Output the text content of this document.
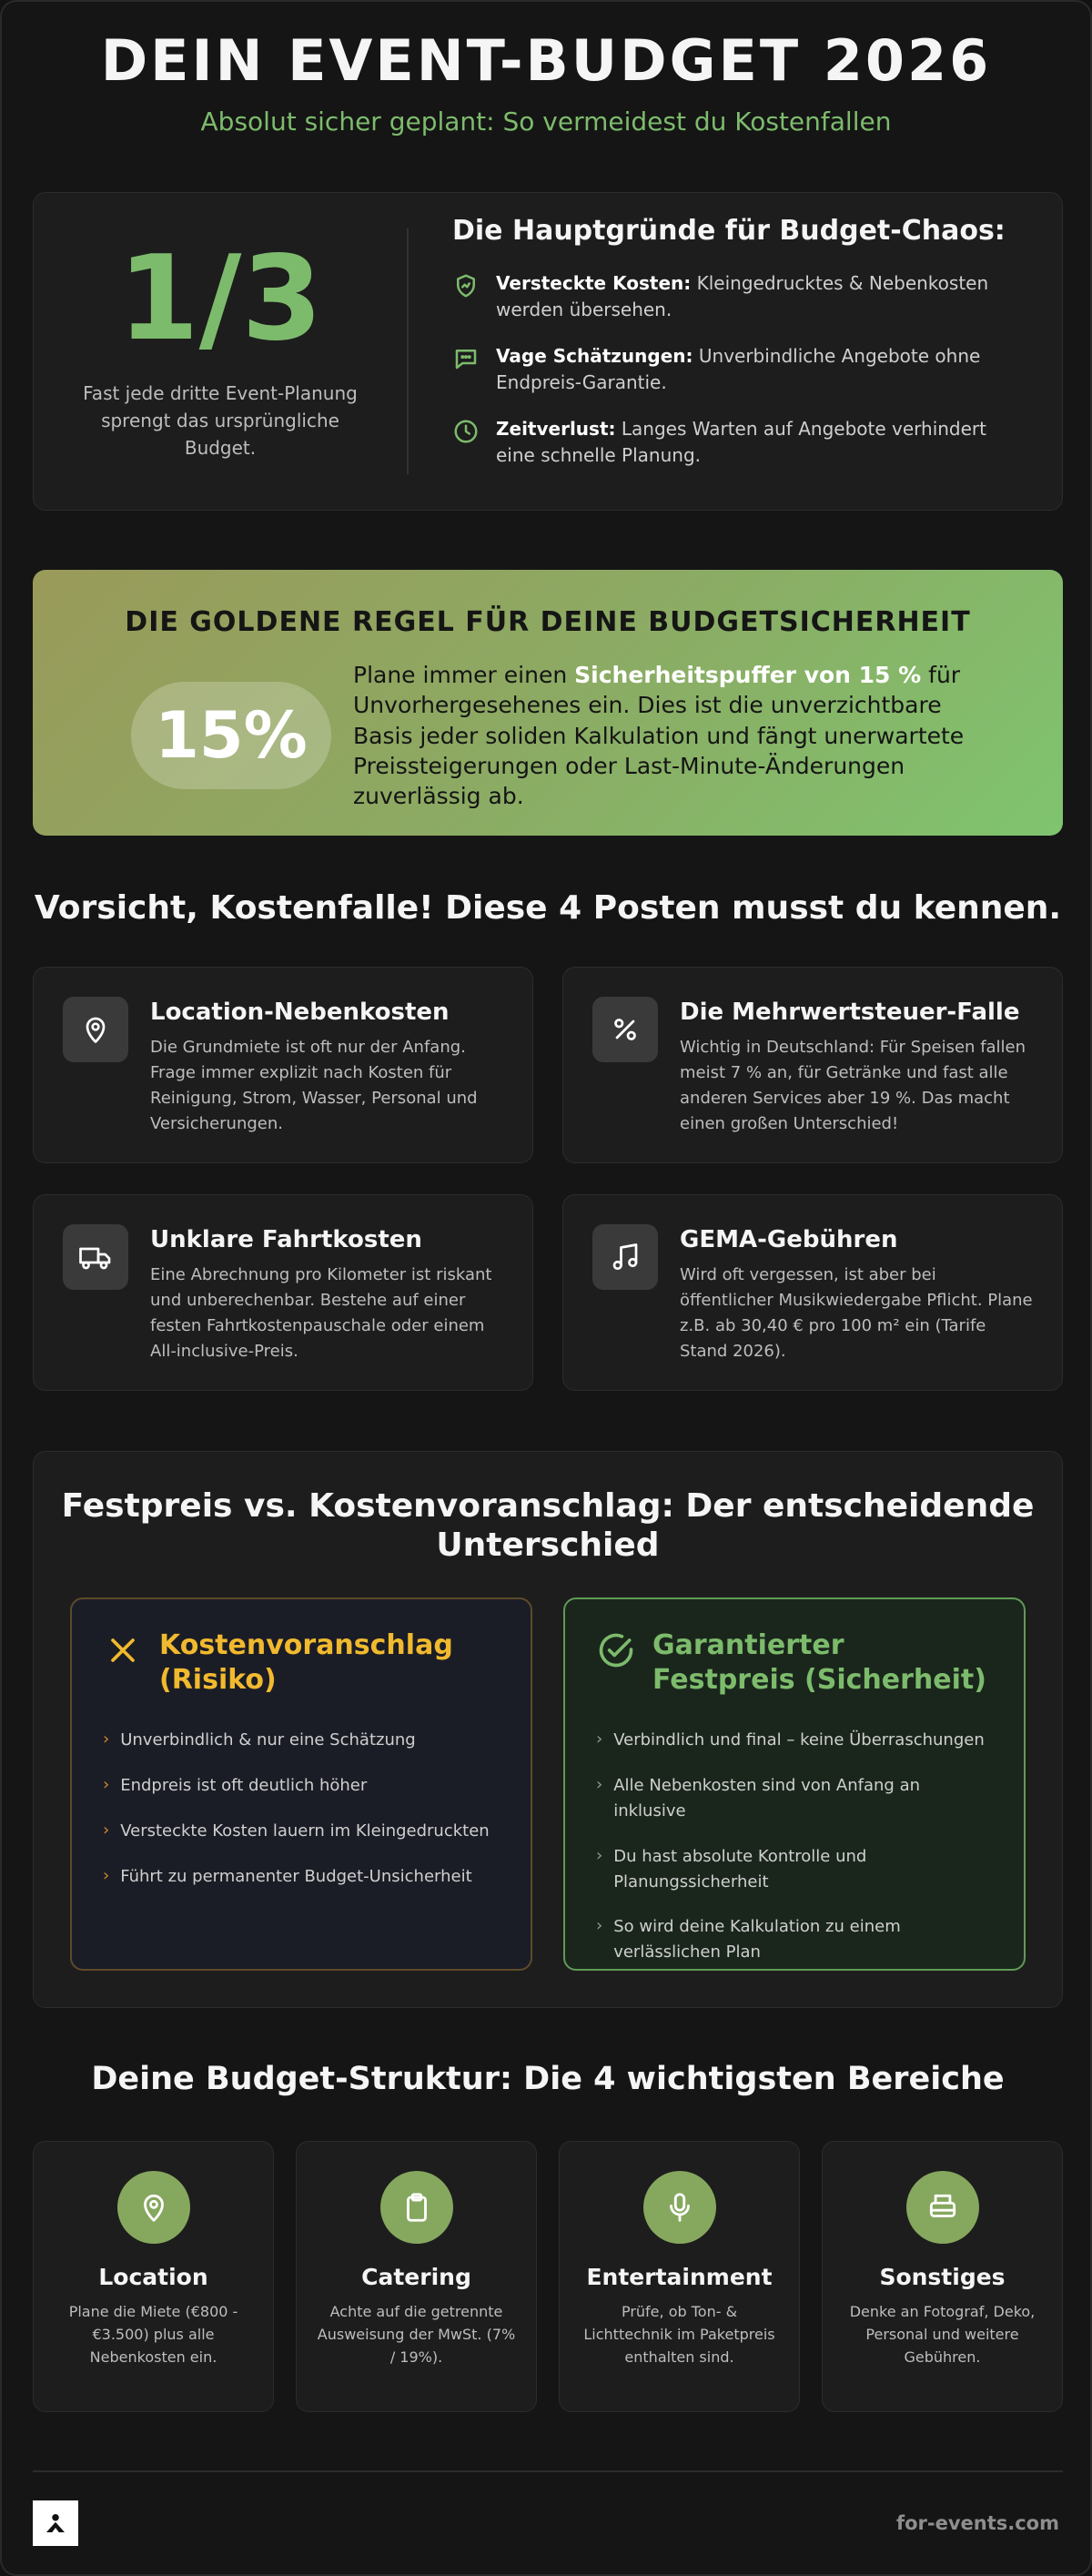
DEIN EVENT-BUDGET 2026
Absolut sicher geplant: So vermeidest du Kostenfallen
1/3
Fast jede dritte Event-Planung sprengt das ursprüngliche Budget.
Die Hauptgründe für Budget-Chaos:
Versteckte Kosten: Kleingedrucktes & Nebenkosten werden übersehen.
Vage Schätzungen: Unverbindliche Angebote ohne Endpreis-Garantie.
Zeitverlust: Langes Warten auf Angebote verhindert eine schnelle Planung.
DIE GOLDENE REGEL FÜR DEINE BUDGETSICHERHEIT
15%
Plane immer einen Sicherheitspuffer von 15 % für Unvorhergesehenes ein. Dies ist die unverzichtbare Basis jeder soliden Kalkulation und fängt unerwartete Preissteigerungen oder Last-Minute-Änderungen zuverlässig ab.
Vorsicht, Kostenfalle! Diese 4 Posten musst du kennen.
Location-Nebenkosten
Die Grundmiete ist oft nur der Anfang. Frage immer explizit nach Kosten für Reinigung, Strom, Wasser, Personal und Versicherungen.
Die Mehrwertsteuer-Falle
Wichtig in Deutschland: Für Speisen fallen meist 7 % an, für Getränke und fast alle anderen Services aber 19 %. Das macht einen großen Unterschied!
Unklare Fahrtkosten
Eine Abrechnung pro Kilometer ist riskant und unberechenbar. Bestehe auf einer festen Fahrtkostenpauschale oder einem All-inclusive-Preis.
GEMA-Gebühren
Wird oft vergessen, ist aber bei öffentlicher Musikwiedergabe Pflicht. Plane z.B. ab 30,40 € pro 100 m² ein (Tarife Stand 2026).
Festpreis vs. Kostenvoranschlag: Der entscheidende Unterschied
Kostenvoranschlag (Risiko)
› Unverbindlich & nur eine Schätzung
› Endpreis ist oft deutlich höher
› Versteckte Kosten lauern im Kleingedruckten
› Führt zu permanenter Budget-Unsicherheit
Garantierter Festpreis (Sicherheit)
› Verbindlich und final – keine Überraschungen
› Alle Nebenkosten sind von Anfang an inklusive
› Du hast absolute Kontrolle und Planungssicherheit
› So wird deine Kalkulation zu einem verlässlichen Plan
Deine Budget-Struktur: Die 4 wichtigsten Bereiche
Location
Plane die Miete (€800 - €3.500) plus alle Nebenkosten ein.
Catering
Achte auf die getrennte Ausweisung der MwSt. (7% / 19%).
Entertainment
Prüfe, ob Ton- & Lichttechnik im Paketpreis enthalten sind.
Sonstiges
Denke an Fotograf, Deko, Personal und weitere Gebühren.
for-events.com
